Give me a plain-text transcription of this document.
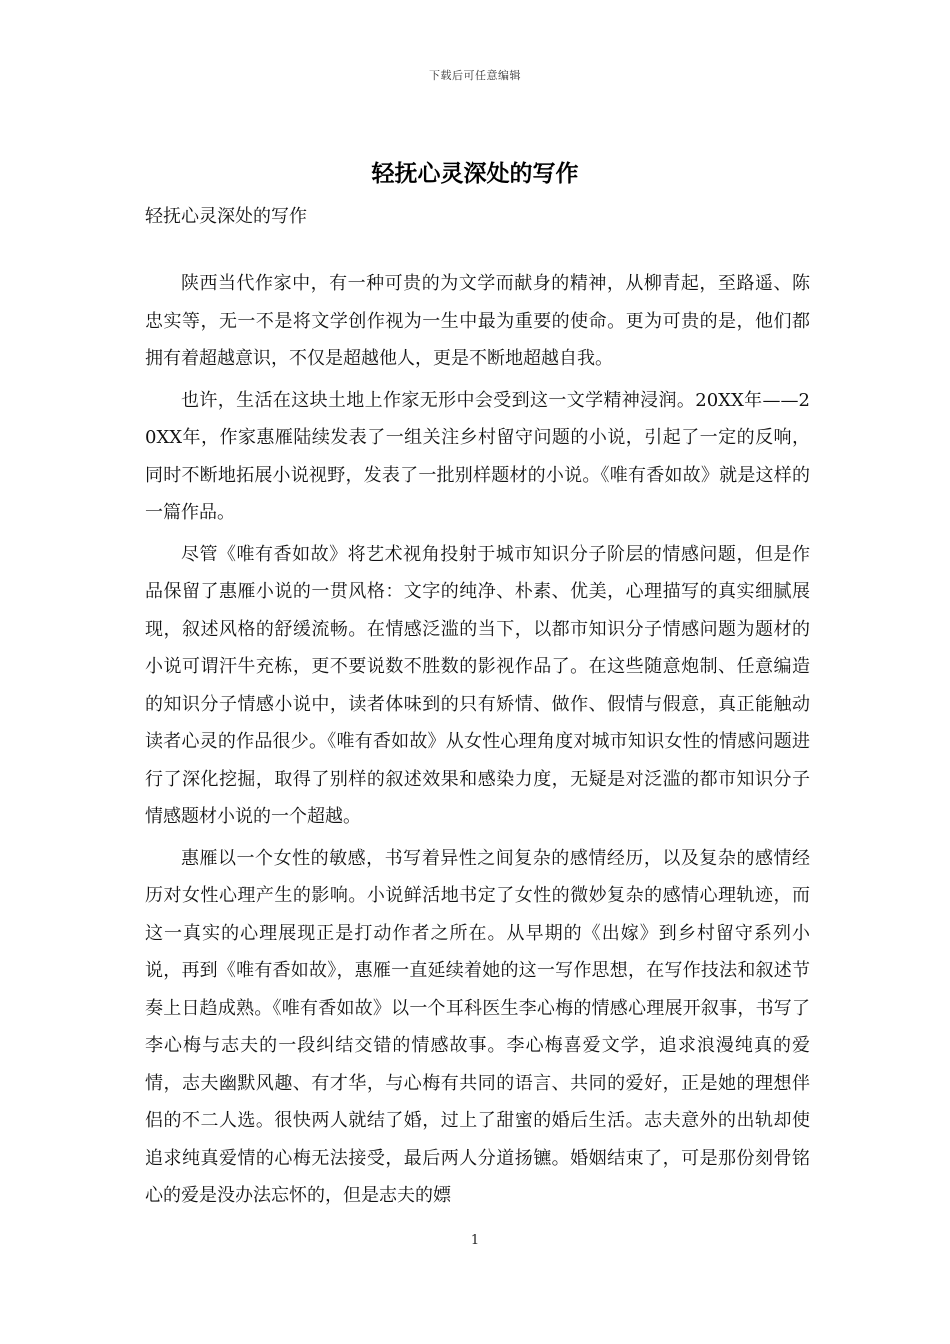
下载后可任意编辑
轻抚心灵深处的写作

轻抚心灵深处的写作

陕西当代作家中，有一种可贵的为文学而献身的精神，从柳青起，至路遥、陈忠实等，无一不是将文学创作视为一生中最为重要的使命。更为可贵的是，他们都拥有着超越意识，不仅是超越他人，更是不断地超越自我。

也许，生活在这块土地上作家无形中会受到这一文学精神浸润。20XX年——20XX年，作家惠雁陆续发表了一组关注乡村留守问题的小说，引起了一定的反响，同时不断地拓展小说视野，发表了一批别样题材的小说。《唯有香如故》就是这样的一篇作品。

尽管《唯有香如故》将艺术视角投射于城市知识分子阶层的情感问题，但是作品保留了惠雁小说的一贯风格：文字的纯净、朴素、优美，心理描写的真实细腻展现，叙述风格的舒缓流畅。在情感泛滥的当下，以都市知识分子情感问题为题材的小说可谓汗牛充栋，更不要说数不胜数的影视作品了。在这些随意炮制、任意编造的知识分子情感小说中，读者体味到的只有矫情、做作、假情与假意，真正能触动读者心灵的作品很少。《唯有香如故》从女性心理角度对城市知识女性的情感问题进行了深化挖掘，取得了别样的叙述效果和感染力度，无疑是对泛滥的都市知识分子情感题材小说的一个超越。

惠雁以一个女性的敏感，书写着异性之间复杂的感情经历，以及复杂的感情经历对女性心理产生的影响。小说鲜活地书定了女性的微妙复杂的感情心理轨迹，而这一真实的心理展现正是打动作者之所在。从早期的《出嫁》到乡村留守系列小说，再到《唯有香如故》，惠雁一直延续着她的这一写作思想，在写作技法和叙述节奏上日趋成熟。《唯有香如故》以一个耳科医生李心梅的情感心理展开叙事，书写了李心梅与志夫的一段纠结交错的情感故事。李心梅喜爱文学，追求浪漫纯真的爱情，志夫幽默风趣、有才华，与心梅有共同的语言、共同的爱好，正是她的理想伴侣的不二人选。很快两人就结了婚，过上了甜蜜的婚后生活。志夫意外的出轨却使追求纯真爱情的心梅无法接受，最后两人分道扬镳。婚姻结束了，可是那份刻骨铭心的爱是没办法忘怀的，但是志夫的嫖

1
